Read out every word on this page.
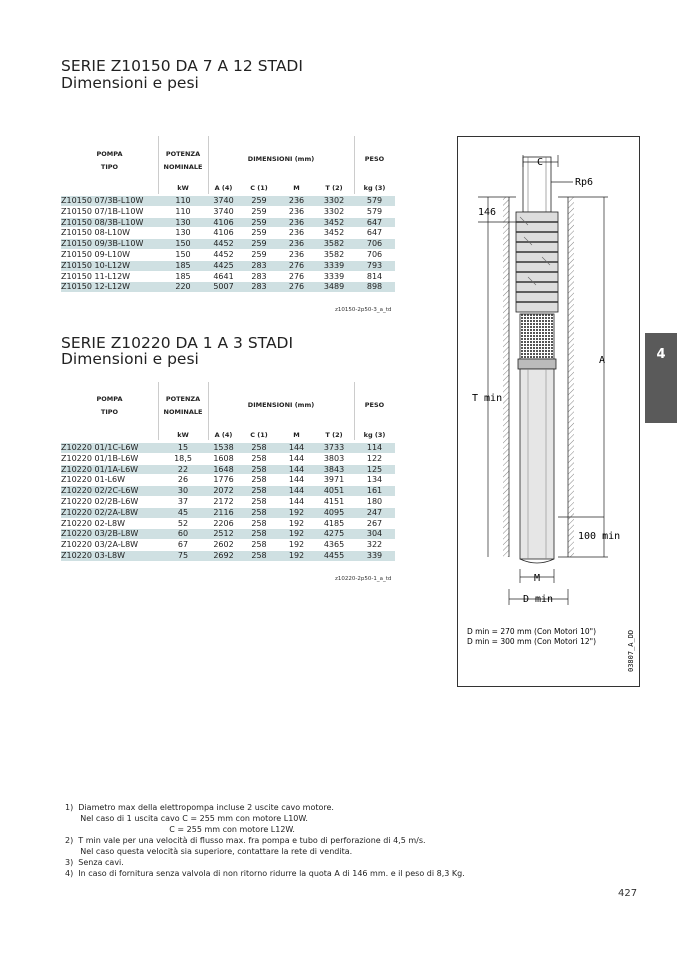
SERIE Z10150 DA 7 A 12 STADI
Dimensioni e pesi
POMPA
TIPO
POTENZA
NOMINALE
DIMENSIONI (mm)	PESO
	kW	A (4)	C (1)	M	T (2)	kg (3)
Z10150 07/3B-L10W	110	3740	259	236	3302	579
Z10150 07/1B-L10W	110	3740	259	236	3302	579
Z10150 08/3B-L10W	130	4106	259	236	3452	647
Z10150 08-L10W	130	4106	259	236	3452	647
Z10150 09/3B-L10W	150	4452	259	236	3582	706
Z10150 09-L10W	150	4452	259	236	3582	706
Z10150 10-L12W	185	4425	283	276	3339	793
Z10150 11-L12W	185	4641	283	276	3339	814
Z10150 12-L12W	220	5007	283	276	3489	898
z10150-2p50-3_a_td
SERIE Z10220 DA 1 A 3 STADI
Dimensioni e pesi
POMPA
TIPO
POTENZA
NOMINALE
DIMENSIONI (mm)	PESO
	kW	A (4)	C (1)	M	T (2)	kg (3)
Z10220 01/1C-L6W	15	1538	258	144	3733	114
Z10220 01/1B-L6W	18,5	1608	258	144	3803	122
Z10220 01/1A-L6W	22	1648	258	144	3843	125
Z10220 01-L6W	26	1776	258	144	3971	134
Z10220 02/2C-L6W	30	2072	258	144	4051	161
Z10220 02/2B-L6W	37	2172	258	144	4151	180
Z10220 02/2A-L8W	45	2116	258	192	4095	247
Z10220 02-L8W	52	2206	258	192	4185	267
Z10220 03/2B-L8W	60	2512	258	192	4275	304
Z10220 03/2A-L8W	67	2602	258	192	4365	322
Z10220 03-L8W	75	2692	258	192	4455	339
z10220-2p50-1_a_td
4
C
Rp6
146
A
T min
100 min
M
D min
D min = 270 mm (Con Motori 10")
D min = 300 mm (Con Motori 12")	03807_A_DD
1)  Diametro max della elettropompa incluse 2 uscite cavo motore.
Nel caso di 1 uscita cavo C = 255 mm con motore L10W.
C = 255 mm con motore L12W.
2)  T min vale per una velocità di flusso max. fra pompa e tubo di perforazione di 4,5 m/s.
Nel caso questa velocità sia superiore, contattare la rete di vendita.
3)  Senza cavi.
4)  In caso di fornitura senza valvola di non ritorno ridurre la quota A di 146 mm. e il peso di 8,3 Kg.
427
